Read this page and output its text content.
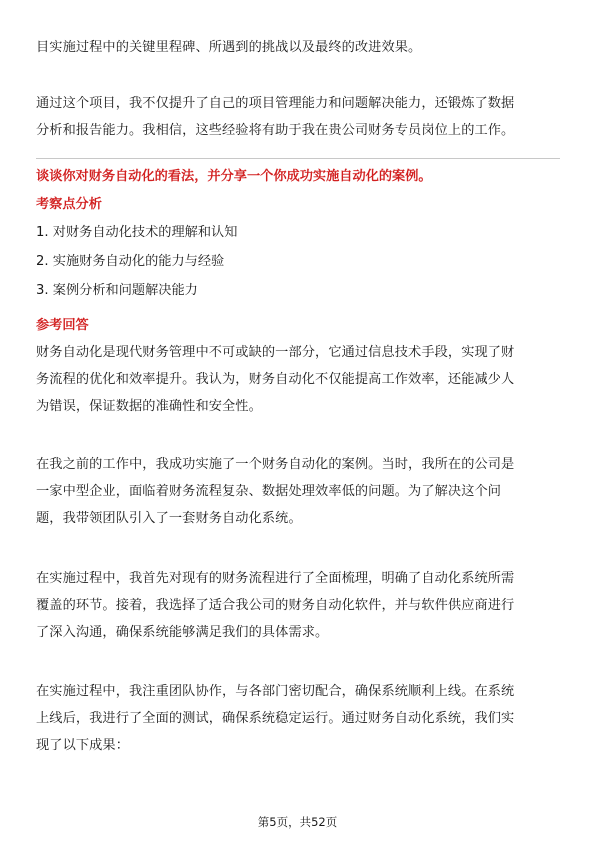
目实施过程中的关键里程碑、所遇到的挑战以及最终的改进效果。

通过这个项目，我不仅提升了自己的项目管理能力和问题解决能力，还锻炼了数据
分析和报告能力。我相信，这些经验将有助于我在贵公司财务专员岗位上的工作。

谈谈你对财务自动化的看法，并分享一个你成功实施自动化的案例。
考察点分析
1. 对财务自动化技术的理解和认知
2. 实施财务自动化的能力与经验
3. 案例分析和问题解决能力
参考回答

财务自动化是现代财务管理中不可或缺的一部分，它通过信息技术手段，实现了财
务流程的优化和效率提升。我认为，财务自动化不仅能提高工作效率，还能减少人
为错误，保证数据的准确性和安全性。

在我之前的工作中，我成功实施了一个财务自动化的案例。当时，我所在的公司是
一家中型企业，面临着财务流程复杂、数据处理效率低的问题。为了解决这个问
题，我带领团队引入了一套财务自动化系统。

在实施过程中，我首先对现有的财务流程进行了全面梳理，明确了自动化系统所需
覆盖的环节。接着，我选择了适合我公司的财务自动化软件，并与软件供应商进行
了深入沟通，确保系统能够满足我们的具体需求。

在实施过程中，我注重团队协作，与各部门密切配合，确保系统顺利上线。在系统
上线后，我进行了全面的测试，确保系统稳定运行。通过财务自动化系统，我们实
现了以下成果：

第5页，共52页
